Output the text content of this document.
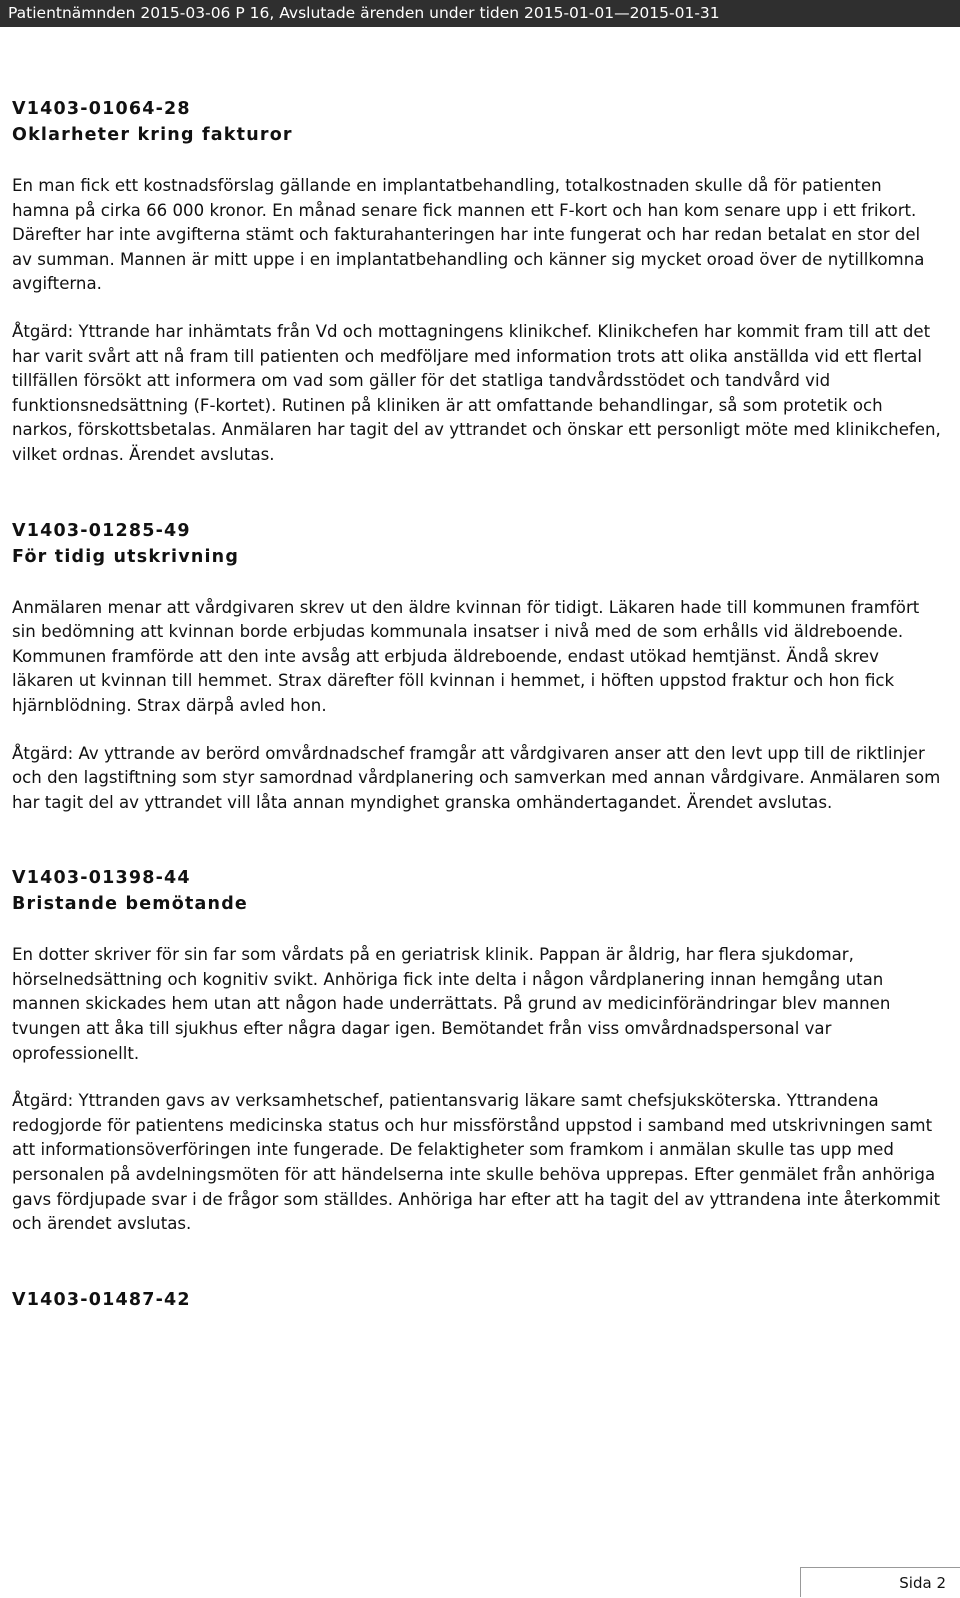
Patientnämnden 2015-03-06 P 16, Avslutade ärenden under tiden 2015-01-01—2015-01-31

V1403-01064-28

Oklarheter kring fakturor

En man fick ett kostnadsförslag gällande en implantatbehandling, totalkostnaden skulle då för patienten hamna på cirka 66 000 kronor. En månad senare fick mannen ett F-kort och han kom senare upp i ett frikort. Därefter har inte avgifterna stämt och fakturahanteringen har inte fungerat och har redan betalat en stor del av summan. Mannen är mitt uppe i en implantatbehandling och känner sig mycket oroad över de nytillkomna avgifterna.

Åtgärd: Yttrande har inhämtats från Vd och mottagningens klinikchef. Klinikchefen har kommit fram till att det har varit svårt att nå fram till patienten och medföljare med information trots att olika anställda vid ett flertal tillfällen försökt att informera om vad som gäller för det statliga tandvårdsstödet och tandvård vid funktionsnedsättning (F-kortet). Rutinen på kliniken är att omfattande behandlingar, så som protetik och narkos, förskottsbetalas. Anmälaren har tagit del av yttrandet och önskar ett personligt möte med klinikchefen, vilket ordnas. Ärendet avslutas.

V1403-01285-49

För tidig utskrivning

Anmälaren menar att vårdgivaren skrev ut den äldre kvinnan för tidigt. Läkaren hade till kommunen framfört sin bedömning att kvinnan borde erbjudas kommunala insatser i nivå med de som erhålls vid äldreboende. Kommunen framförde att den inte avsåg att erbjuda äldreboende, endast utökad hemtjänst. Ändå skrev läkaren ut kvinnan till hemmet. Strax därefter föll kvinnan i hemmet, i höften uppstod fraktur och hon fick hjärnblödning. Strax därpå avled hon.

Åtgärd: Av yttrande av berörd omvårdnadschef framgår att vårdgivaren anser att den levt upp till de riktlinjer och den lagstiftning som styr samordnad vårdplanering och samverkan med annan vårdgivare. Anmälaren som har tagit del av yttrandet vill låta annan myndighet granska omhändertagandet. Ärendet avslutas.

V1403-01398-44

Bristande bemötande

En dotter skriver för sin far som vårdats på en geriatrisk klinik. Pappan är åldrig, har flera sjukdomar, hörselnedsättning och kognitiv svikt. Anhöriga fick inte delta i någon vårdplanering innan hemgång utan mannen skickades hem utan att någon hade underrättats. På grund av medicinförändringar blev mannen tvungen att åka till sjukhus efter några dagar igen. Bemötandet från viss omvårdnadspersonal var oprofessionellt.

Åtgärd: Yttranden gavs av verksamhetschef, patientansvarig läkare samt chefsjuksköterska. Yttrandena redogjorde för patientens medicinska status och hur missförstånd uppstod i samband med utskrivningen samt att informationsöverföringen inte fungerade. De felaktigheter som framkom i anmälan skulle tas upp med personalen på avdelningsmöten för att händelserna inte skulle behöva upprepas. Efter genmälet från anhöriga gavs fördjupade svar i de frågor som ställdes. Anhöriga har efter att ha tagit del av yttrandena inte återkommit och ärendet avslutas.

V1403-01487-42

Sida 2
